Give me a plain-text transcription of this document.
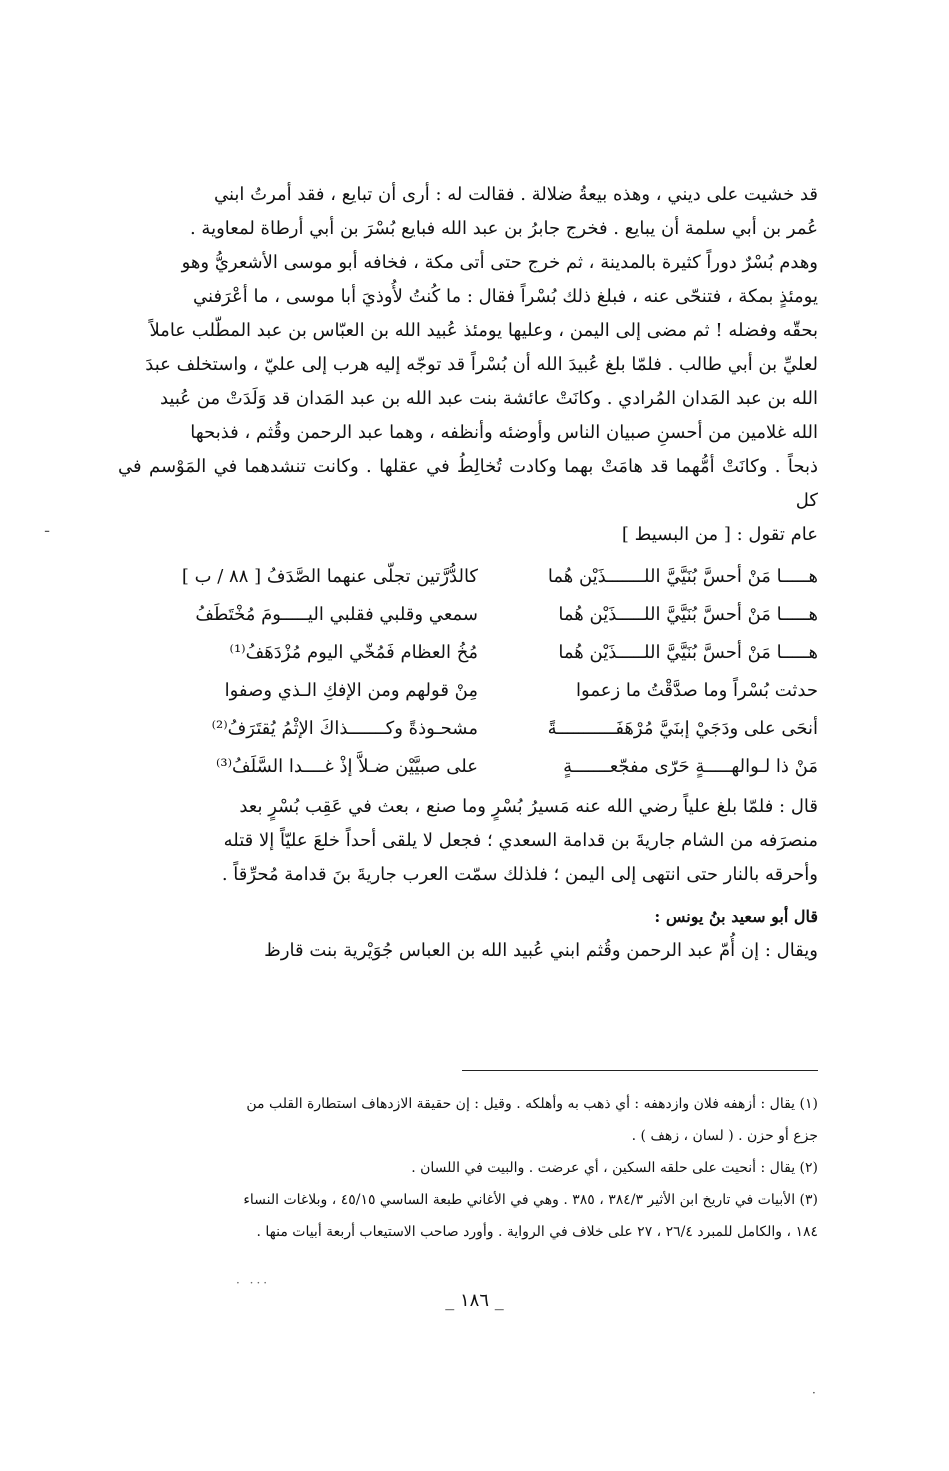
قد خشيت على ديني ، وهذه بيعةُ ضلالة . فقالت له : أرى أن تبايع ، فقد أمرتُ ابني

عُمر بن أبي سلمة أن يبايع . فخرج جابرُ بن عبد الله فبايع بُسْرَ بن أبي أرطاة لمعاوية .

وهدم بُسْرٌ دوراً كثيرة بالمدينة ، ثم خرج حتى أتى مكة ، فخافه أبو موسى الأشعريُّ وهو

يومئذٍ بمكة ، فتنحّى عنه ، فبلغ ذلك بُسْراً فقال : ما كُنتُ لأُوذيَ أبا موسى ، ما أعْرَفني

بحقّه وفضله ! ثم مضى إلى اليمن ، وعليها يومئذ عُبيد الله بن العبّاس بن عبد المطّلب عاملاً

لعليِّ بن أبي طالب . فلمّا بلغ عُبيدَ الله أن بُسْراً قد توجّه إليه هرب إلى عليّ ، واستخلف عبدَ

الله بن عبد المَدان المُرادي . وكانَتْ عائشة بنت عبد الله بن عبد المَدان قد وَلَدَتْ من عُبيد

الله غلامين من أحسنِ صبيان الناس وأوضئه وأنظفه ، وهما عبد الرحمن وقُثم ، فذبحها

ذبحاً . وكانَتْ أمُّهما قد هامَتْ بهما وكادت تُخالِطُ في عقلها . وكانت تنشدهما في المَوْسم في كل

عام تقول : [ من البسيط ]

هـــــا مَنْ أحسَّ بُنَيَّيَّ اللـــــــذَيْن هُما
كالدُّرَّتين تجلّى عنهما الصَّدَفُ [ ٨٨ / ب ]
هـــــا مَنْ أحسَّ بُنَيَّيَّ اللـــــذَيْن هُما
سمعي وقلبي فقلبي اليـــــومَ مُخْتَطَفُ
هـــــا مَنْ أحسَّ بُنَيَّيَّ اللـــــذَيْن هُما
مُخُ العظام فَمُخّي اليوم مُزْدَهَفُ⁽¹⁾
حدثت بُسْراً وما صدَّقْتُ ما زعموا
مِنْ قولهم ومن الإفكِ الـذي وصفوا
أنحَى على ودَجَيْ إبنَيَّ مُرْهَفَـــــــــــةً
مشحـوذةً وكـــــــذاكَ الإثْمُ يُقتَرَفُ⁽²⁾
مَنْ ذا لـوالهـــــةٍ حَرّى مفجّعـــــــةٍ
على صبيَّيْن ضـلاَّ إذْ غــــدا السَّلَفُ⁽³⁾

قال : فلمّا بلغ علياً رضي الله عنه مَسيرُ بُسْرٍ وما صنع ، بعث في عَقِب بُسْرٍ بعد

منصرَفه من الشام جاريةَ بن قدامة السعدي ؛ فجعل لا يلقى أحداً خلعَ عليّاً إلا قتله

وأحرقه بالنار حتى انتهى إلى اليمن ؛ فلذلك سمّت العرب جاريةَ بنَ قدامة مُحرِّقاً .

قال أبو سعيد بنُ يونس :

ويقال : إن أُمّ عبد الرحمن وقُثم ابني عُبيد الله بن العباس جُوَيْرية بنت قارظ

(١) يقال : أزهفه فلان وازدهفه : أي ذهب به وأهلكه . وقيل : إن حقيقة الازدهاف استطارة القلب من

جزع أو حزن . ( لسان ، زهف ) .

(٢) يقال : أنحيت على حلقه السكين ، أي عرضت . والبيت في اللسان .

(٣) الأبيات في تاريخ ابن الأثير ٣٨٤/٣ ، ٣٨٥ . وهي في الأغاني طبعة الساسي ٤٥/١٥ ، وبلاغات النساء

١٨٤ ، والكامل للمبرد ٢٦/٤ ، ٢٧ على خلاف في الرواية . وأورد صاحب الاستيعاب أربعة أبيات منها .

··· ·
_ ١٨٦ _
ـ
·
